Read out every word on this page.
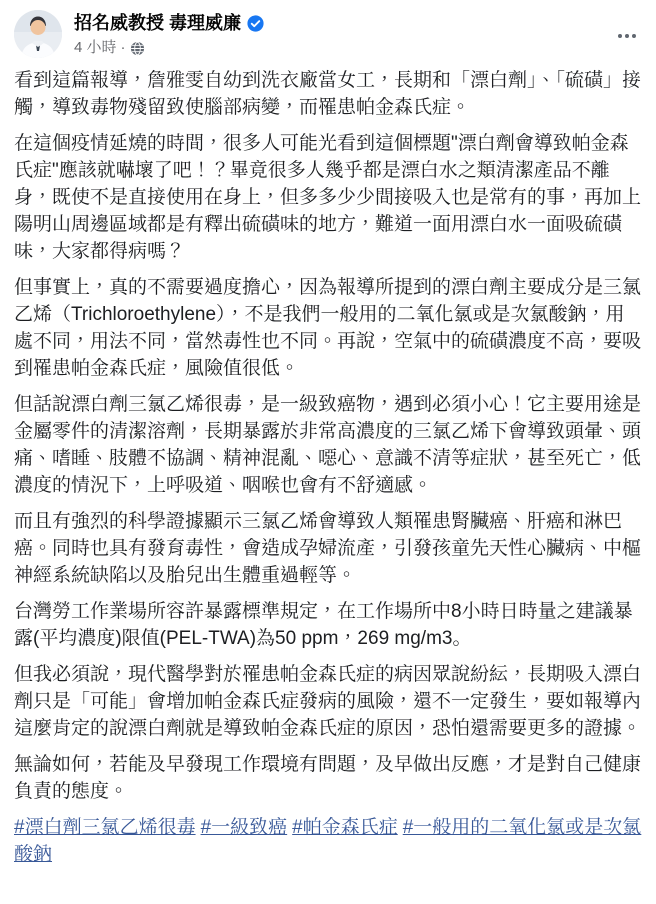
招名威教授 毒理威廉
4 小時 ·

看到這篇報導，詹雅雯自幼到洗衣廠當女工，長期和「漂白劑」、「硫磺」接觸，導致毒物殘留致使腦部病變，而罹患帕金森氏症。

在這個疫情延燒的時間，很多人可能光看到這個標題"漂白劑會導致帕金森氏症"應該就嚇壞了吧！？畢竟很多人幾乎都是漂白水之類清潔產品不離身，既使不是直接使用在身上，但多多少少間接吸入也是常有的事，再加上陽明山周邊區域都是有釋出硫磺味的地方，難道一面用漂白水一面吸硫磺味，大家都得病嗎？

但事實上，真的不需要過度擔心，因為報導所提到的漂白劑主要成分是三氯乙烯（Trichloroethylene），不是我們一般用的二氧化氯或是次氯酸鈉，用處不同，用法不同，當然毒性也不同。再說，空氣中的硫磺濃度不高，要吸到罹患帕金森氏症，風險值很低。

但話說漂白劑三氯乙烯很毒，是一級致癌物，遇到必須小心！它主要用途是金屬零件的清潔溶劑，長期暴露於非常高濃度的三氯乙烯下會導致頭暈、頭痛、嗜睡、肢體不協調、精神混亂、噁心、意識不清等症狀，甚至死亡，低濃度的情況下，上呼吸道、咽喉也會有不舒適感。

而且有強烈的科學證據顯示三氯乙烯會導致人類罹患腎臟癌、肝癌和淋巴癌。同時也具有發育毒性，會造成孕婦流產，引發孩童先天性心臟病、中樞神經系統缺陷以及胎兒出生體重過輕等。

台灣勞工作業場所容許暴露標準規定，在工作場所中8小時日時量之建議暴露(平均濃度)限值(PEL-TWA)為50 ppm，269 mg/m3。

但我必須說，現代醫學對於罹患帕金森氏症的病因眾說紛紜，長期吸入漂白劑只是「可能」會增加帕金森氏症發病的風險，還不一定發生，要如報導內這麼肯定的說漂白劑就是導致帕金森氏症的原因，恐怕還需要更多的證據。

無論如何，若能及早發現工作環境有問題，及早做出反應，才是對自己健康負責的態度。

#漂白劑三氯乙烯很毒 #一級致癌 #帕金森氏症 #一般用的二氧化氯或是次氯酸鈉
